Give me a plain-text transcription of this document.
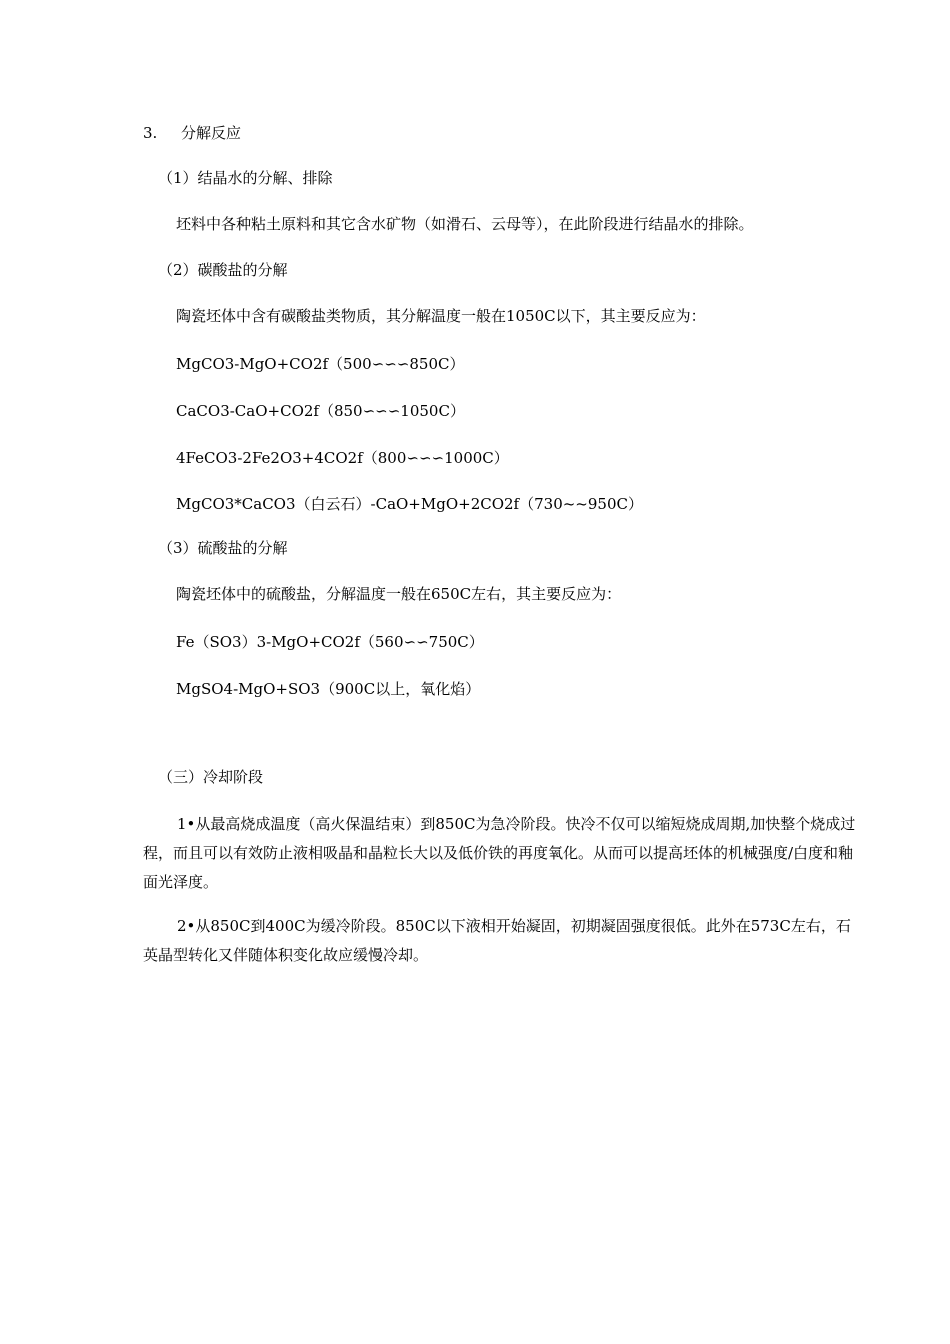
3. 分解反应
（1）结晶水的分解、排除
坯料中各种粘土原料和其它含水矿物（如滑石、云母等），在此阶段进行结晶水的排除。
（2）碳酸盐的分解
陶瓷坯体中含有碳酸盐类物质，其分解温度一般在1050C以下，其主要反应为：
MgCO3-MgO+CO2f（500∽∽∽850C）
CaCO3-CaO+CO2f（850∽∽∽1050C）
4FeCO3-2Fe2O3+4CO2f（800∽∽∽1000C）
MgCO3*CaCO3（白云石）-CaO+MgO+2CO2f（730~~950C）
（3）硫酸盐的分解
陶瓷坯体中的硫酸盐，分解温度一般在650C左右，其主要反应为：
Fe（SO3）3-MgO+CO2f（560∽∽750C）
MgSO4-MgO+SO3（900C以上，氧化焰）
（三）冷却阶段
1•从最高烧成温度（高火保温结束）到850C为急冷阶段。快冷不仅可以缩短烧成周期,加快整个烧成过程，而且可以有效防止液相吸晶和晶粒长大以及低价铁的再度氧化。从而可以提高坯体的机械强度/白度和釉面光泽度。
2•从850C到400C为缓冷阶段。850C以下液相开始凝固，初期凝固强度很低。此外在573C左右，石英晶型转化又伴随体积变化故应缓慢冷却。
